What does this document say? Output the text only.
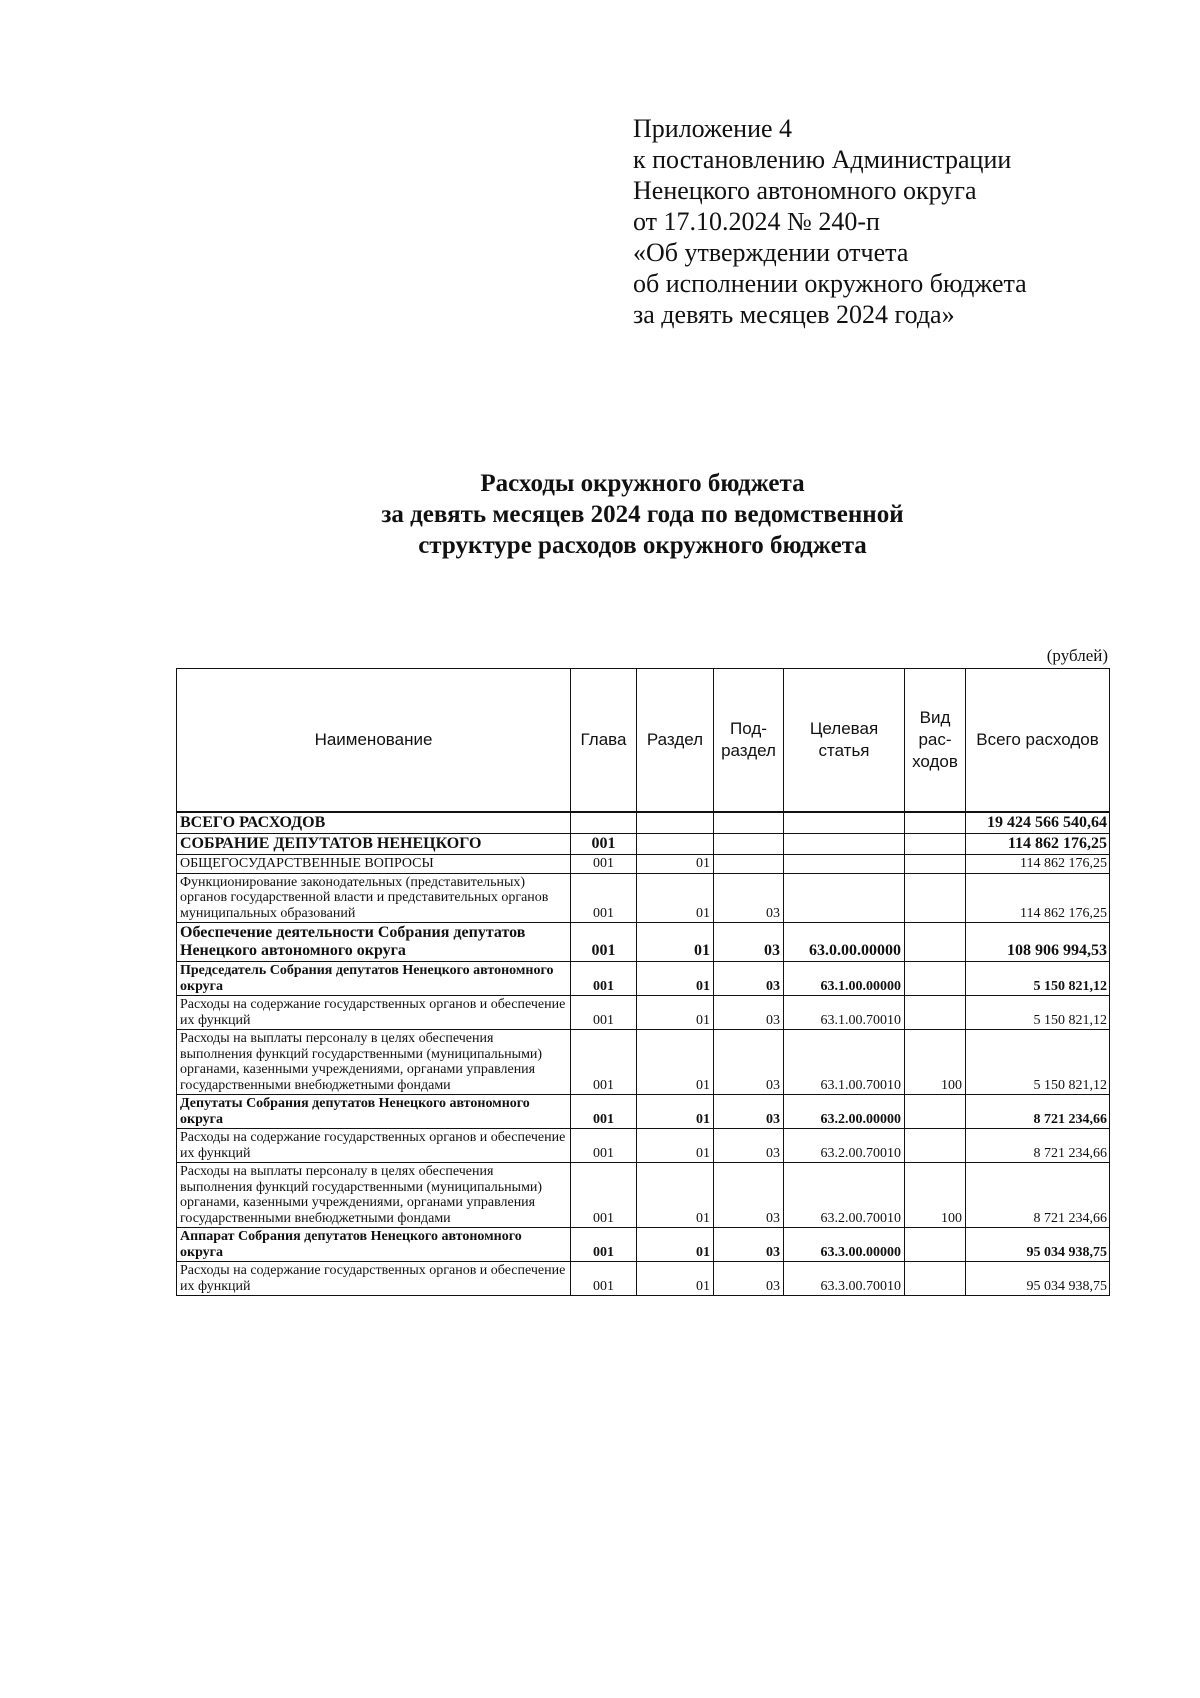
Приложение 4
к постановлению Администрации
Ненецкого автономного округа
от 17.10.2024 № 240-п
«Об утверждении отчета
об исполнении окружного бюджета
за девять месяцев 2024 года»
Расходы окружного бюджета
за девять месяцев 2024 года по ведомственной
структуре расходов окружного бюджета
(рублей)
Наименование	Глава	Раздел	Под- раздел	Целевая статья	Вид рас- ходов	Всего расходов
ВСЕГО РАСХОДОВ						19 424 566 540,64
СОБРАНИЕ ДЕПУТАТОВ НЕНЕЦКОГО	001					114 862 176,25
ОБЩЕГОСУДАРСТВЕННЫЕ ВОПРОСЫ	001	01				114 862 176,25
Функционирование законодательных (представительных) органов государственной власти и представительных органов муниципальных образований	001	01	03			114 862 176,25
Обеспечение деятельности Собрания депутатов Ненецкого автономного округа	001	01	03	63.0.00.00000		108 906 994,53
Председатель Собрания депутатов Ненецкого автономного округа	001	01	03	63.1.00.00000		5 150 821,12
Расходы на содержание государственных органов и обеспечение их функций	001	01	03	63.1.00.70010		5 150 821,12
Расходы на выплаты персоналу в целях обеспечения выполнения функций государственными (муниципальными) органами, казенными учреждениями, органами управления государственными внебюджетными фондами	001	01	03	63.1.00.70010	100	5 150 821,12
Депутаты Собрания депутатов Ненецкого автономного округа	001	01	03	63.2.00.00000		8 721 234,66
Расходы на содержание государственных органов и обеспечение их функций	001	01	03	63.2.00.70010		8 721 234,66
Расходы на выплаты персоналу в целях обеспечения выполнения функций государственными (муниципальными) органами, казенными учреждениями, органами управления государственными внебюджетными фондами	001	01	03	63.2.00.70010	100	8 721 234,66
Аппарат Собрания депутатов Ненецкого автономного округа	001	01	03	63.3.00.00000		95 034 938,75
Расходы на содержание государственных органов и обеспечение их функций	001	01	03	63.3.00.70010		95 034 938,75
